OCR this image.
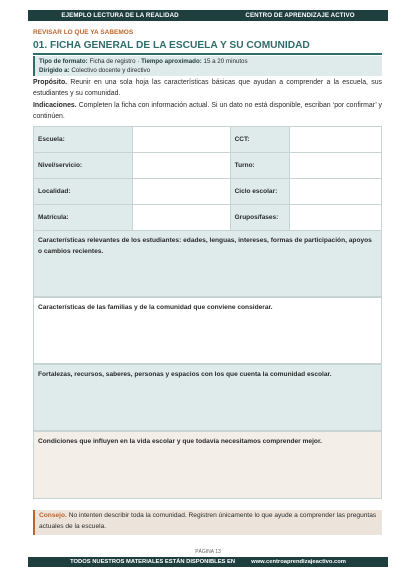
EJEMPLO LECTURA DE LA REALIDAD	CENTRO DE APRENDIZAJE ACTIVO
REVISAR LO QUE YA SABEMOS
01. FICHA GENERAL DE LA ESCUELA Y SU COMUNIDAD
Tipo de formato: Ficha de registro · Tiempo aproximado: 15 a 20 minutos
Dirigido a: Colectivo docente y directivo
Propósito. Reunir en una sola hoja las características básicas que ayudan a comprender a la escuela, sus estudiantes y su comunidad.
Indicaciones. Completen la ficha con información actual. Si un dato no está disponible, escriban ‘por confirmar’ y continúen.
Escuela:		CCT:	
Nivel/servicio:		Turno:	
Localidad:		Ciclo escolar:	
Matrícula:		Grupos/fases:	
Características relevantes de los estudiantes: edades, lenguas, intereses, formas de participación, apoyos o cambios recientes.
Características de las familias y de la comunidad que conviene considerar.
Fortalezas, recursos, saberes, personas y espacios con los que cuenta la comunidad escolar.
Condiciones que influyen en la vida escolar y que todavía necesitamos comprender mejor.
Consejo. No intenten describir toda la comunidad. Registren únicamente lo que ayude a comprender las preguntas actuales de la escuela.
PÁGINA 13
TODOS NUESTROS MATERIALES ESTÁN DISPONIBLES EN	www.centroaprendizajeactivo.com
